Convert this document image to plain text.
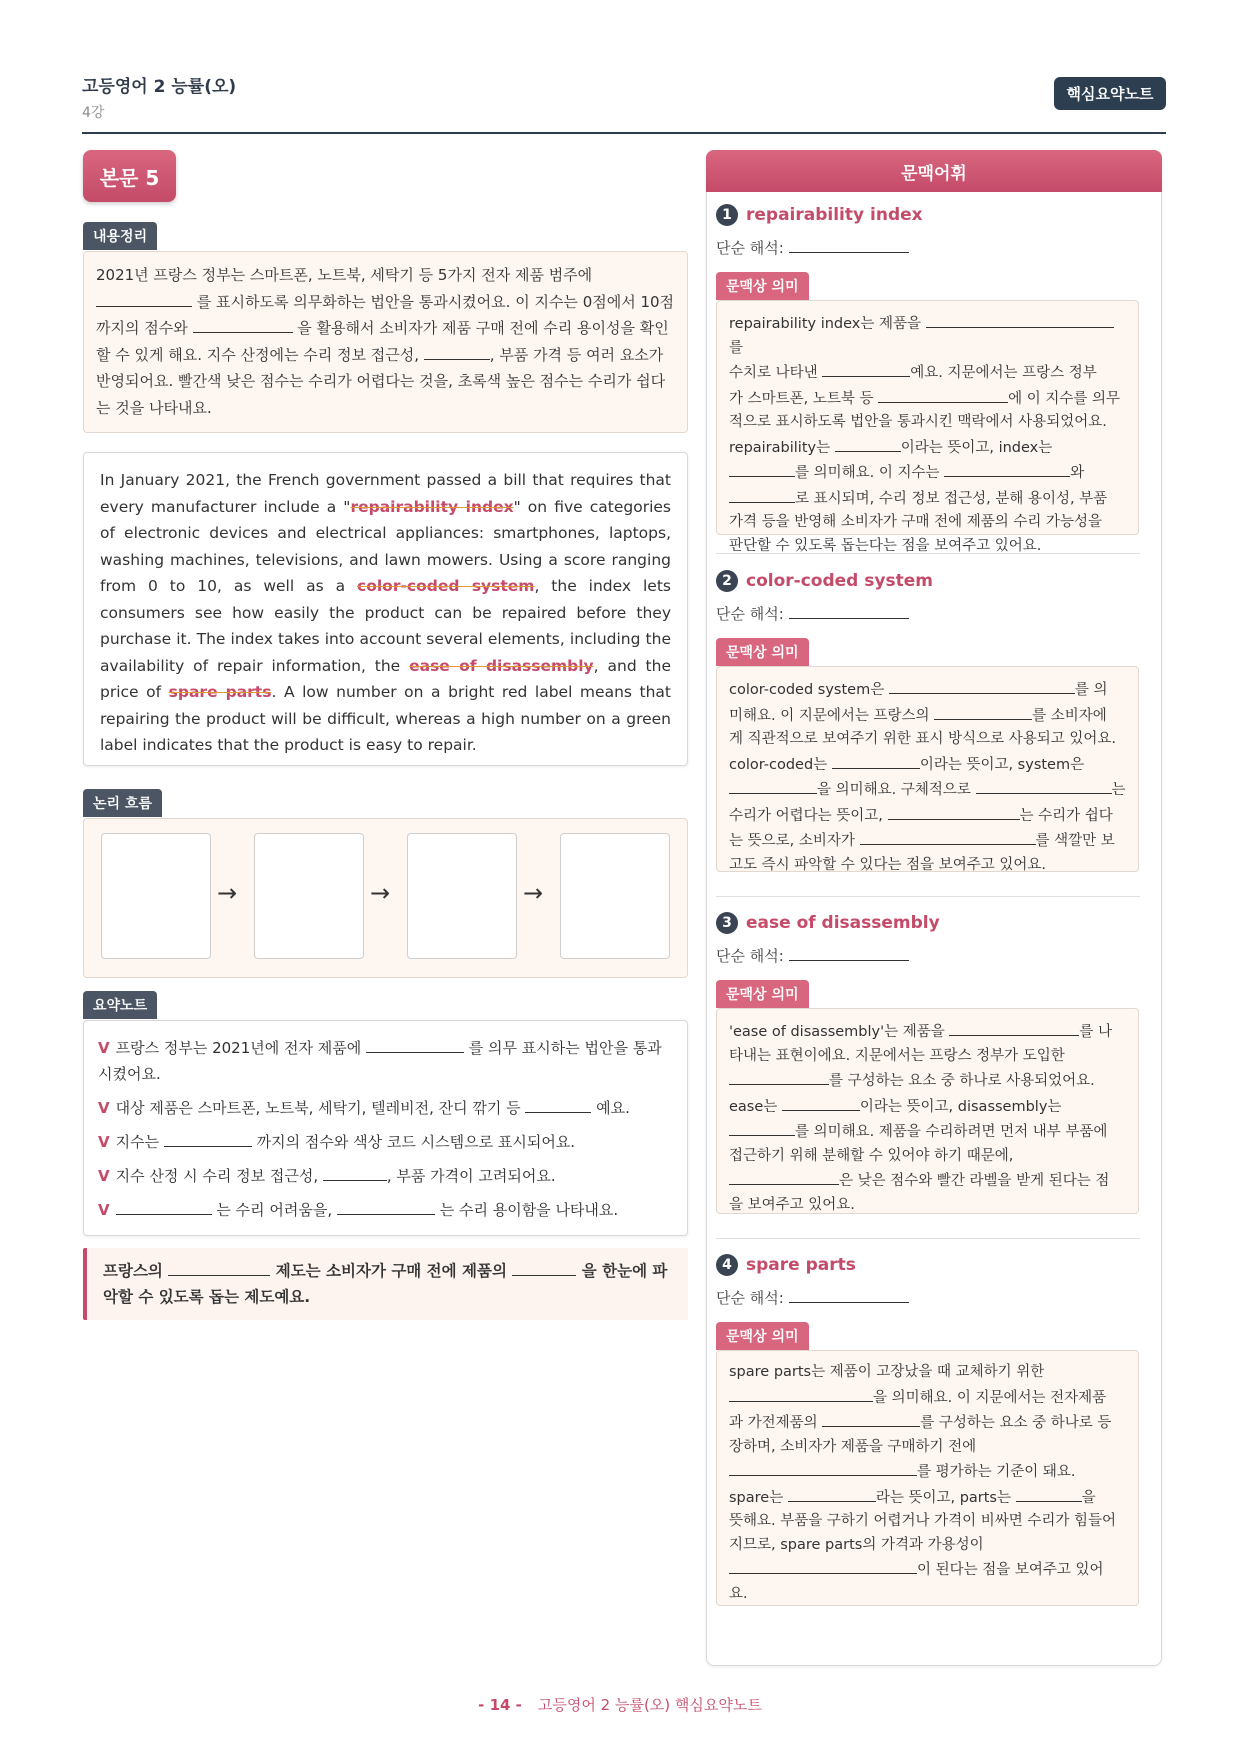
고등영어 2 능률(오)
4강
핵심요약노트
본문 5
내용정리
2021년 프랑스 정부는 스마트폰, 노트북, 세탁기 등 5가지 전자 제품 범주에
를 표시하도록 의무화하는 법안을 통과시켰어요. 이 지수는 0점에서 10점까지의 점수와	을 활용해서 소비자가 제품 구매 전에 수리 용이성을 확인할 수 있게 해요. 지수 산정에는 수리 정보 접근성,	, 부품 가격 등 여러 요소가 반영되어요. 빨간색 낮은 점수는 수리가 어렵다는 것을, 초록색 높은 점수는 수리가 쉽다는 것을 나타내요.
In January 2021, the French government passed a bill that requires that every manufacturer include a "repairability index" on five categories of electronic devices and electrical appliances: smartphones, laptops, washing machines, televisions, and lawn mowers. Using a score ranging from 0 to 10, as well as a color-coded system, the index lets consumers see how easily the product can be repaired before they purchase it. The index takes into account several elements, including the availability of repair information, the ease of disassembly, and the price of spare parts. A low number on a bright red label means that repairing the product will be difficult, whereas a high number on a green label indicates that the product is easy to repair.
논리 흐름
→	→	→
요약노트
V 프랑스 정부는 2021년에 전자 제품에	를 의무 표시하는 법안을 통과시켰어요.
V 대상 제품은 스마트폰, 노트북, 세탁기, 텔레비전, 잔디 깎기 등	예요.
V 지수는	까지의 점수와 색상 코드 시스템으로 표시되어요.
V 지수 산정 시 수리 정보 접근성,	, 부품 가격이 고려되어요.
V	는 수리 어려움을,	는 수리 용이함을 나타내요.
프랑스의	제도는 소비자가 구매 전에 제품의	을 한눈에 파악할 수 있도록 돕는 제도예요.
문맥어휘
1 repairability index
단순 해석:
문맥상 의미
repairability index는 제품을 를
수치로 나타낸	예요. 지문에서는 프랑스 정부
가 스마트폰, 노트북 등	에 이 지수를 의무
적으로 표시하도록 법안을 통과시킨 맥락에서 사용되었어요.
repairability는	이라는 뜻이고, index는
를 의미해요. 이 지수는	와
로 표시되며, 수리 정보 접근성, 분해 용이성, 부품
가격 등을 반영해 소비자가 구매 전에 제품의 수리 가능성을
판단할 수 있도록 돕는다는 점을 보여주고 있어요.
2 color-coded system
단순 해석:
문맥상 의미
color-coded system은	를 의
미해요. 이 지문에서는 프랑스의	를 소비자에
게 직관적으로 보여주기 위한 표시 방식으로 사용되고 있어요.
color-coded는	이라는 뜻이고, system은
을 의미해요. 구체적으로	는
수리가 어렵다는 뜻이고,	는 수리가 쉽다
는 뜻으로, 소비자가	를 색깔만 보
고도 즉시 파악할 수 있다는 점을 보여주고 있어요.
3 ease of disassembly
단순 해석:
문맥상 의미
'ease of disassembly'는 제품을	를 나
타내는 표현이에요. 지문에서는 프랑스 정부가 도입한
를 구성하는 요소 중 하나로 사용되었어요.
ease는	이라는 뜻이고, disassembly는
를 의미해요. 제품을 수리하려면 먼저 내부 부품에
접근하기 위해 분해할 수 있어야 하기 때문에,
은 낮은 점수와 빨간 라벨을 받게 된다는 점
을 보여주고 있어요.
4 spare parts
단순 해석:
문맥상 의미
spare parts는 제품이 고장났을 때 교체하기 위한
을 의미해요. 이 지문에서는 전자제품
과 가전제품의	를 구성하는 요소 중 하나로 등
장하며, 소비자가 제품을 구매하기 전에
를 평가하는 기준이 돼요.
spare는	라는 뜻이고, parts는	을
뜻해요. 부품을 구하기 어렵거나 가격이 비싸면 수리가 힘들어
지므로, spare parts의 가격과 가용성이
이 된다는 점을 보여주고 있어
요.
- 14 - 고등영어 2 능률(오) 핵심요약노트
